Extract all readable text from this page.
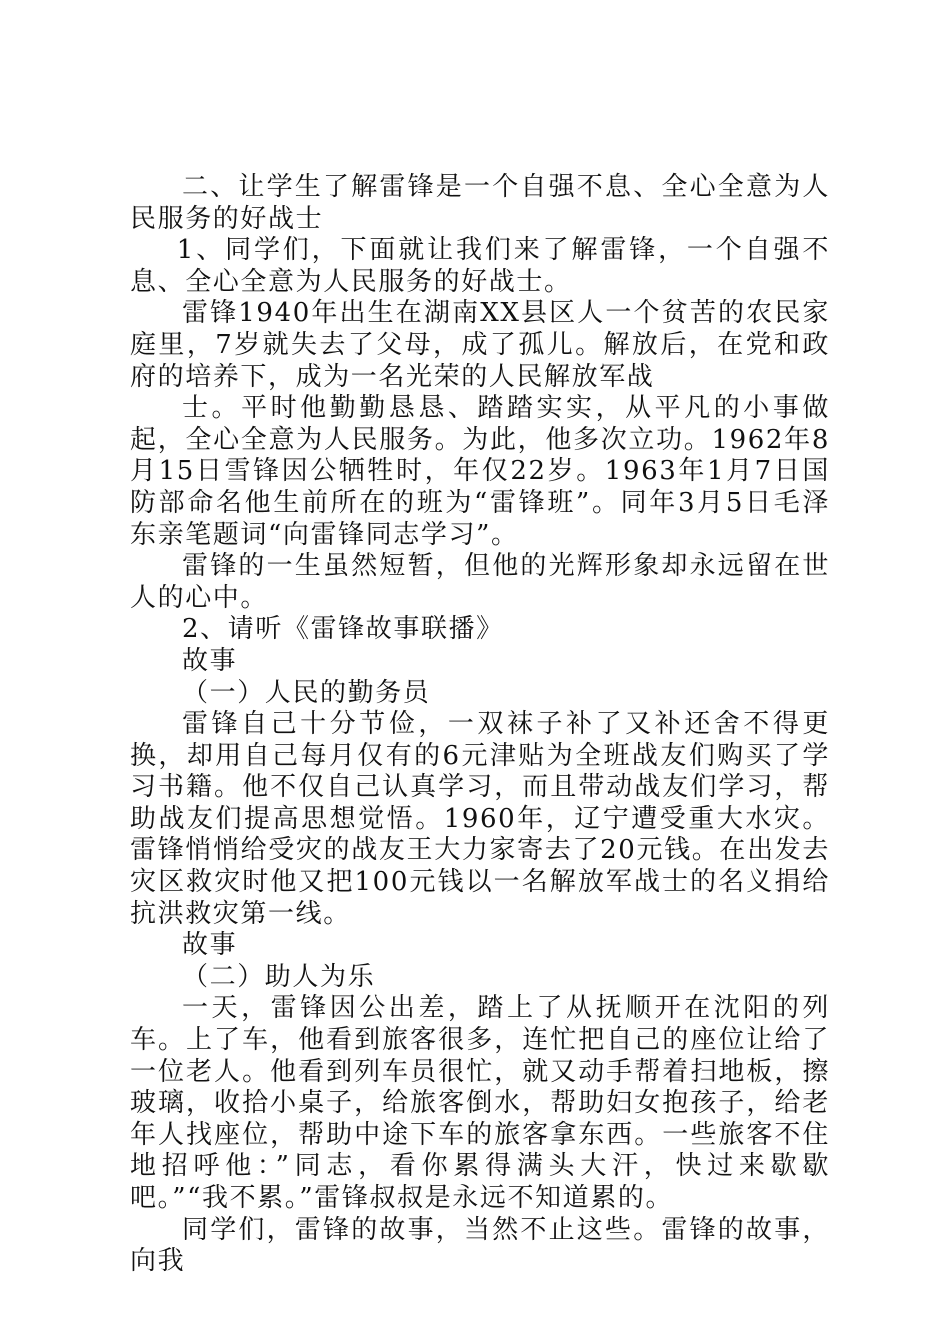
二、让学生了解雷锋是一个自强不息、全心全意为人民服务的好战士

1、同学们，下面就让我们来了解雷锋，一个自强不息、全心全意为人民服务的好战士。

雷锋1940年出生在湖南XX县区人一个贫苦的农民家庭里，7岁就失去了父母，成了孤儿。解放后，在党和政府的培养下，成为一名光荣的人民解放军战

士。平时他勤勤恳恳、踏踏实实，从平凡的小事做起，全心全意为人民服务。为此，他多次立功。1962年8月15日雪锋因公牺牲时，年仅22岁。1963年1月7日国防部命名他生前所在的班为“雷锋班”。同年3月5日毛泽东亲笔题词“向雷锋同志学习”。

雷锋的一生虽然短暂，但他的光辉形象却永远留在世人的心中。

2、请听《雷锋故事联播》

故事

（一）人民的勤务员

雷锋自己十分节俭，一双袜子补了又补还舍不得更换，却用自己每月仅有的6元津贴为全班战友们购买了学习书籍。他不仅自己认真学习，而且带动战友们学习，帮助战友们提高思想觉悟。1960年，辽宁遭受重大水灾。雷锋悄悄给受灾的战友王大力家寄去了20元钱。在出发去灾区救灾时他又把100元钱以一名解放军战士的名义捐给抗洪救灾第一线。

故事

（二）助人为乐

一天，雷锋因公出差，踏上了从抚顺开在沈阳的列车。上了车，他看到旅客很多，连忙把自己的座位让给了一位老人。他看到列车员很忙，就又动手帮着扫地板，擦玻璃，收拾小桌子，给旅客倒水，帮助妇女抱孩子，给老年人找座位，帮助中途下车的旅客拿东西。一些旅客不住地招呼他：”同志，看你累得满头大汗，快过来歇歇吧。”“我不累。”雷锋叔叔是永远不知道累的。

同学们，雷锋的故事，当然不止这些。雷锋的故事，向我
